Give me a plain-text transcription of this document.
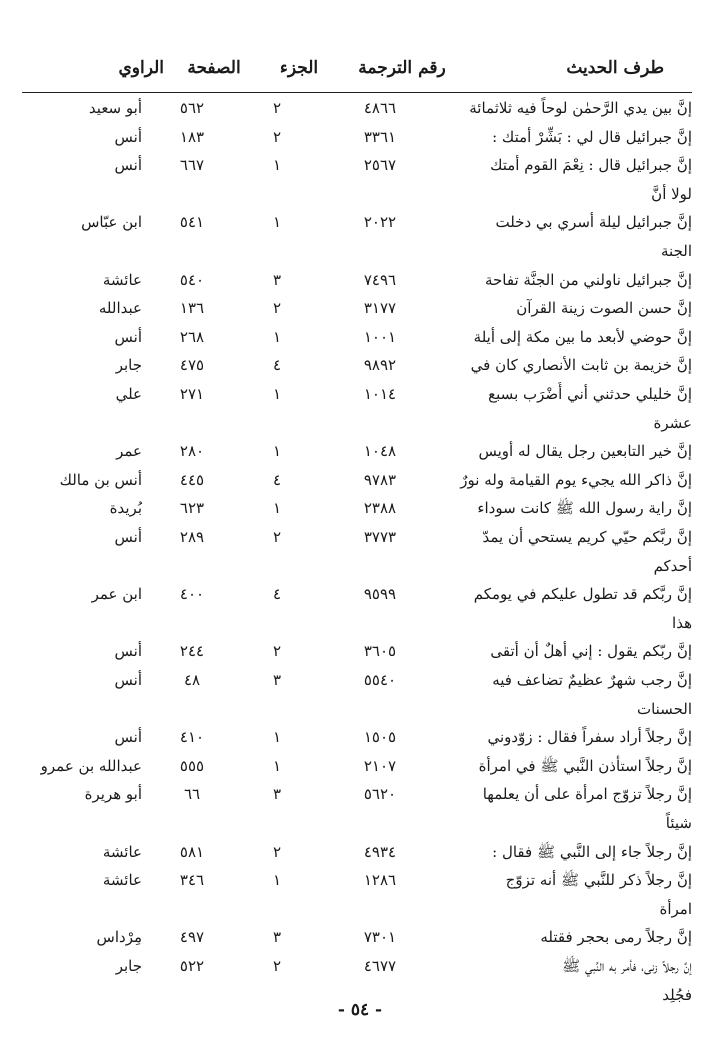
طرف الحديث
رقم الترجمة
الجزء
الصفحة
الراوي
إنَّ بين يدي الرَّحمٰن لوحاً فيه ثلاثمائة
٤٨٦٦
٢
٥٦٢
أبو سعيد
إنَّ جبرائيل قال لي : بَشِّرْ أمتك :
٣٣٦١
٢
١٨٣
أنس
إنَّ جبرائيل قال : نِعْمَ القوم أمتك
٢٥٦٧
١
٦٦٧
أنس
لولا أنَّ
إنَّ جبرائيل ليلة أسري بي دخلت
٢٠٢٢
١
٥٤١
ابن عبّاس
الجنة
إنَّ جبرائيل ناولني من الجنَّة تفاحة
٧٤٩٦
٣
٥٤٠
عائشة
إنَّ حسن الصوت زينة القرآن
٣١٧٧
٢
١٣٦
عبدالله
إنَّ حوضي لأبعد ما بين مكة إلى أيلة
١٠٠١
١
٢٦٨
أنس
إنَّ خزيمة بن ثابت الأنصاري كان في
٩٨٩٢
٤
٤٧٥
جابر
إنَّ خليلي حدثني أني أُضْرَب بسبع
١٠١٤
١
٢٧١
علي
عشرة
إنَّ خير التابعين رجل يقال له أويس
١٠٤٨
١
٢٨٠
عمر
إنَّ ذاكر الله يجيء يوم القيامة وله نورٌ
٩٧٨٣
٤
٤٤٥
أنس بن مالك
إنَّ راية رسول الله ﷺ كانت سوداء
٢٣٨٨
١
٦٢٣
بُريدة
إنَّ ربَّكم حيّي كريم يستحي أن يمدّ
٣٧٧٣
٢
٢٨٩
أنس
أحدكم
إنَّ ربَّكم قد تطول عليكم في يومكم
٩٥٩٩
٤
٤٠٠
ابن عمر
هذا
إنَّ ربّكم يقول : إني أهلٌ أن أتقى
٣٦٠٥
٢
٢٤٤
أنس
إنَّ رجب شهرٌ عظيمٌ تضاعف فيه
٥٥٤٠
٣
٤٨
أنس
الحسنات
إنَّ رجلاً أراد سفراً فقال : زوّدوني
١٥٠٥
١
٤١٠
أنس
إنَّ رجلاً استأذن النَّبي ﷺ في امرأة
٢١٠٧
١
٥٥٥
عبدالله بن عمرو
إنَّ رجلاً تزوّج امرأة على أن يعلمها
٥٦٢٠
٣
٦٦
أبو هريرة
شيئاً
إنَّ رجلاً جاء إلى النَّبي ﷺ فقال :
٤٩٣٤
٢
٥٨١
عائشة
إنَّ رجلاً ذكر للنَّبي ﷺ أنه تزوّج
١٢٨٦
١
٣٤٦
عائشة
امرأة
إنَّ رجلاً رمى بحجر فقتله
٧٣٠١
٣
٤٩٧
مِرْداس
إنَّ رجلاً زنى، فأمر به النَّبي ﷺ
٤٦٧٧
٢
٥٢٢
جابر
فجُلِد
- ٥٤ -
